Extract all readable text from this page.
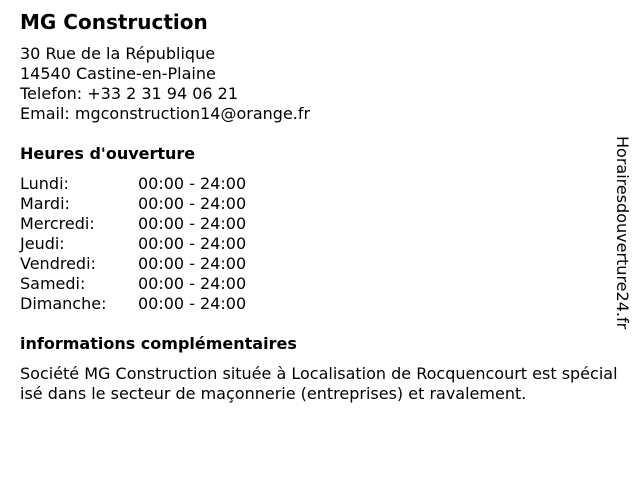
MG Construction
30 Rue de la République
14540 Castine-en-Plaine
Telefon: +33 2 31 94 06 21
Email: mgconstruction14@orange.fr
Heures d'ouverture
Lundi:	00:00 - 24:00
Mardi:	00:00 - 24:00
Mercredi:	00:00 - 24:00
Jeudi:	00:00 - 24:00
Vendredi:	00:00 - 24:00
Samedi:	00:00 - 24:00
Dimanche:	00:00 - 24:00
informations complémentaires
Société MG Construction située à Localisation de Rocquencourt est spécialisé dans le secteur de maçonnerie (entreprises) et ravalement.
Horairesdouverture24.fr
